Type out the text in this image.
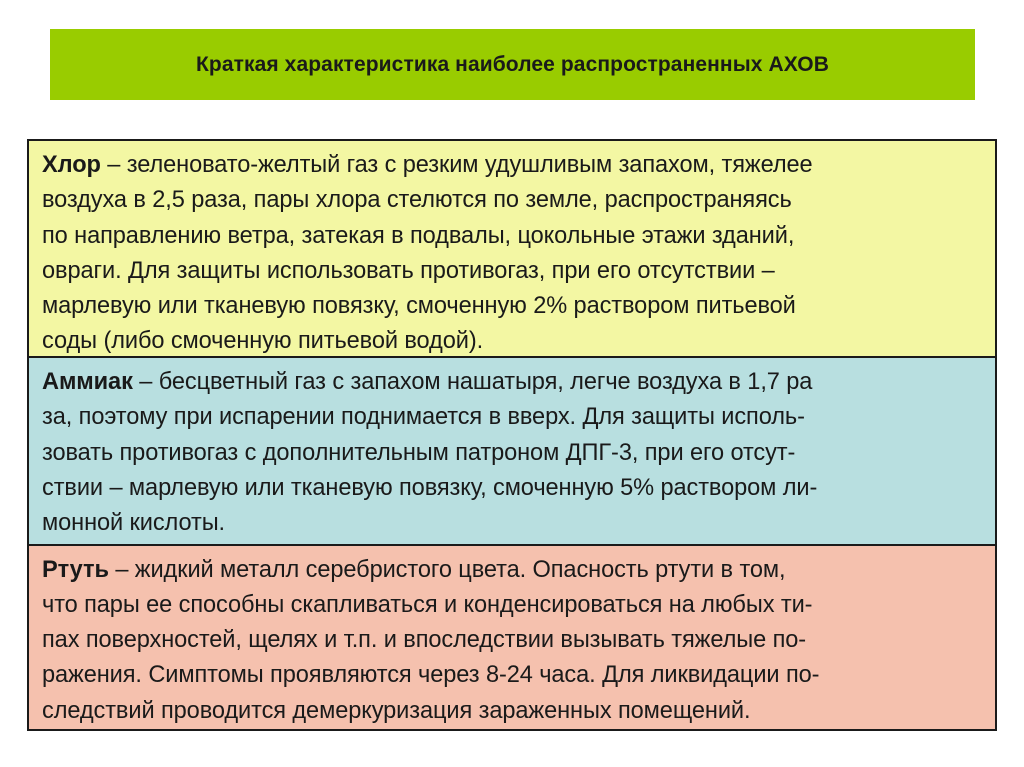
Краткая характеристика наиболее распространенных АХОВ
Хлор – зеленовато-желтый газ с резким удушливым запахом, тяжелее
воздуха в 2,5 раза, пары хлора стелются по земле, распространяясь
по направлению ветра, затекая в подвалы, цокольные этажи зданий,
овраги. Для защиты использовать противогаз, при его отсутствии –
марлевую или тканевую повязку, смоченную 2% раствором питьевой
соды (либо смоченную питьевой водой).
Аммиак – бесцветный газ с запахом нашатыря, легче воздуха в 1,7 ра
за, поэтому при испарении поднимается в вверх. Для защиты исполь-
зовать противогаз с дополнительным патроном ДПГ-3, при его отсут-
ствии – марлевую или тканевую повязку, смоченную 5% раствором ли-
монной кислоты.
Ртуть – жидкий металл серебристого цвета. Опасность ртути в том,
что пары ее способны скапливаться и конденсироваться на любых ти-
пах поверхностей, щелях и т.п. и впоследствии вызывать тяжелые по-
ражения. Симптомы проявляются через 8-24 часа. Для ликвидации по-
следствий проводится демеркуризация зараженных помещений.
